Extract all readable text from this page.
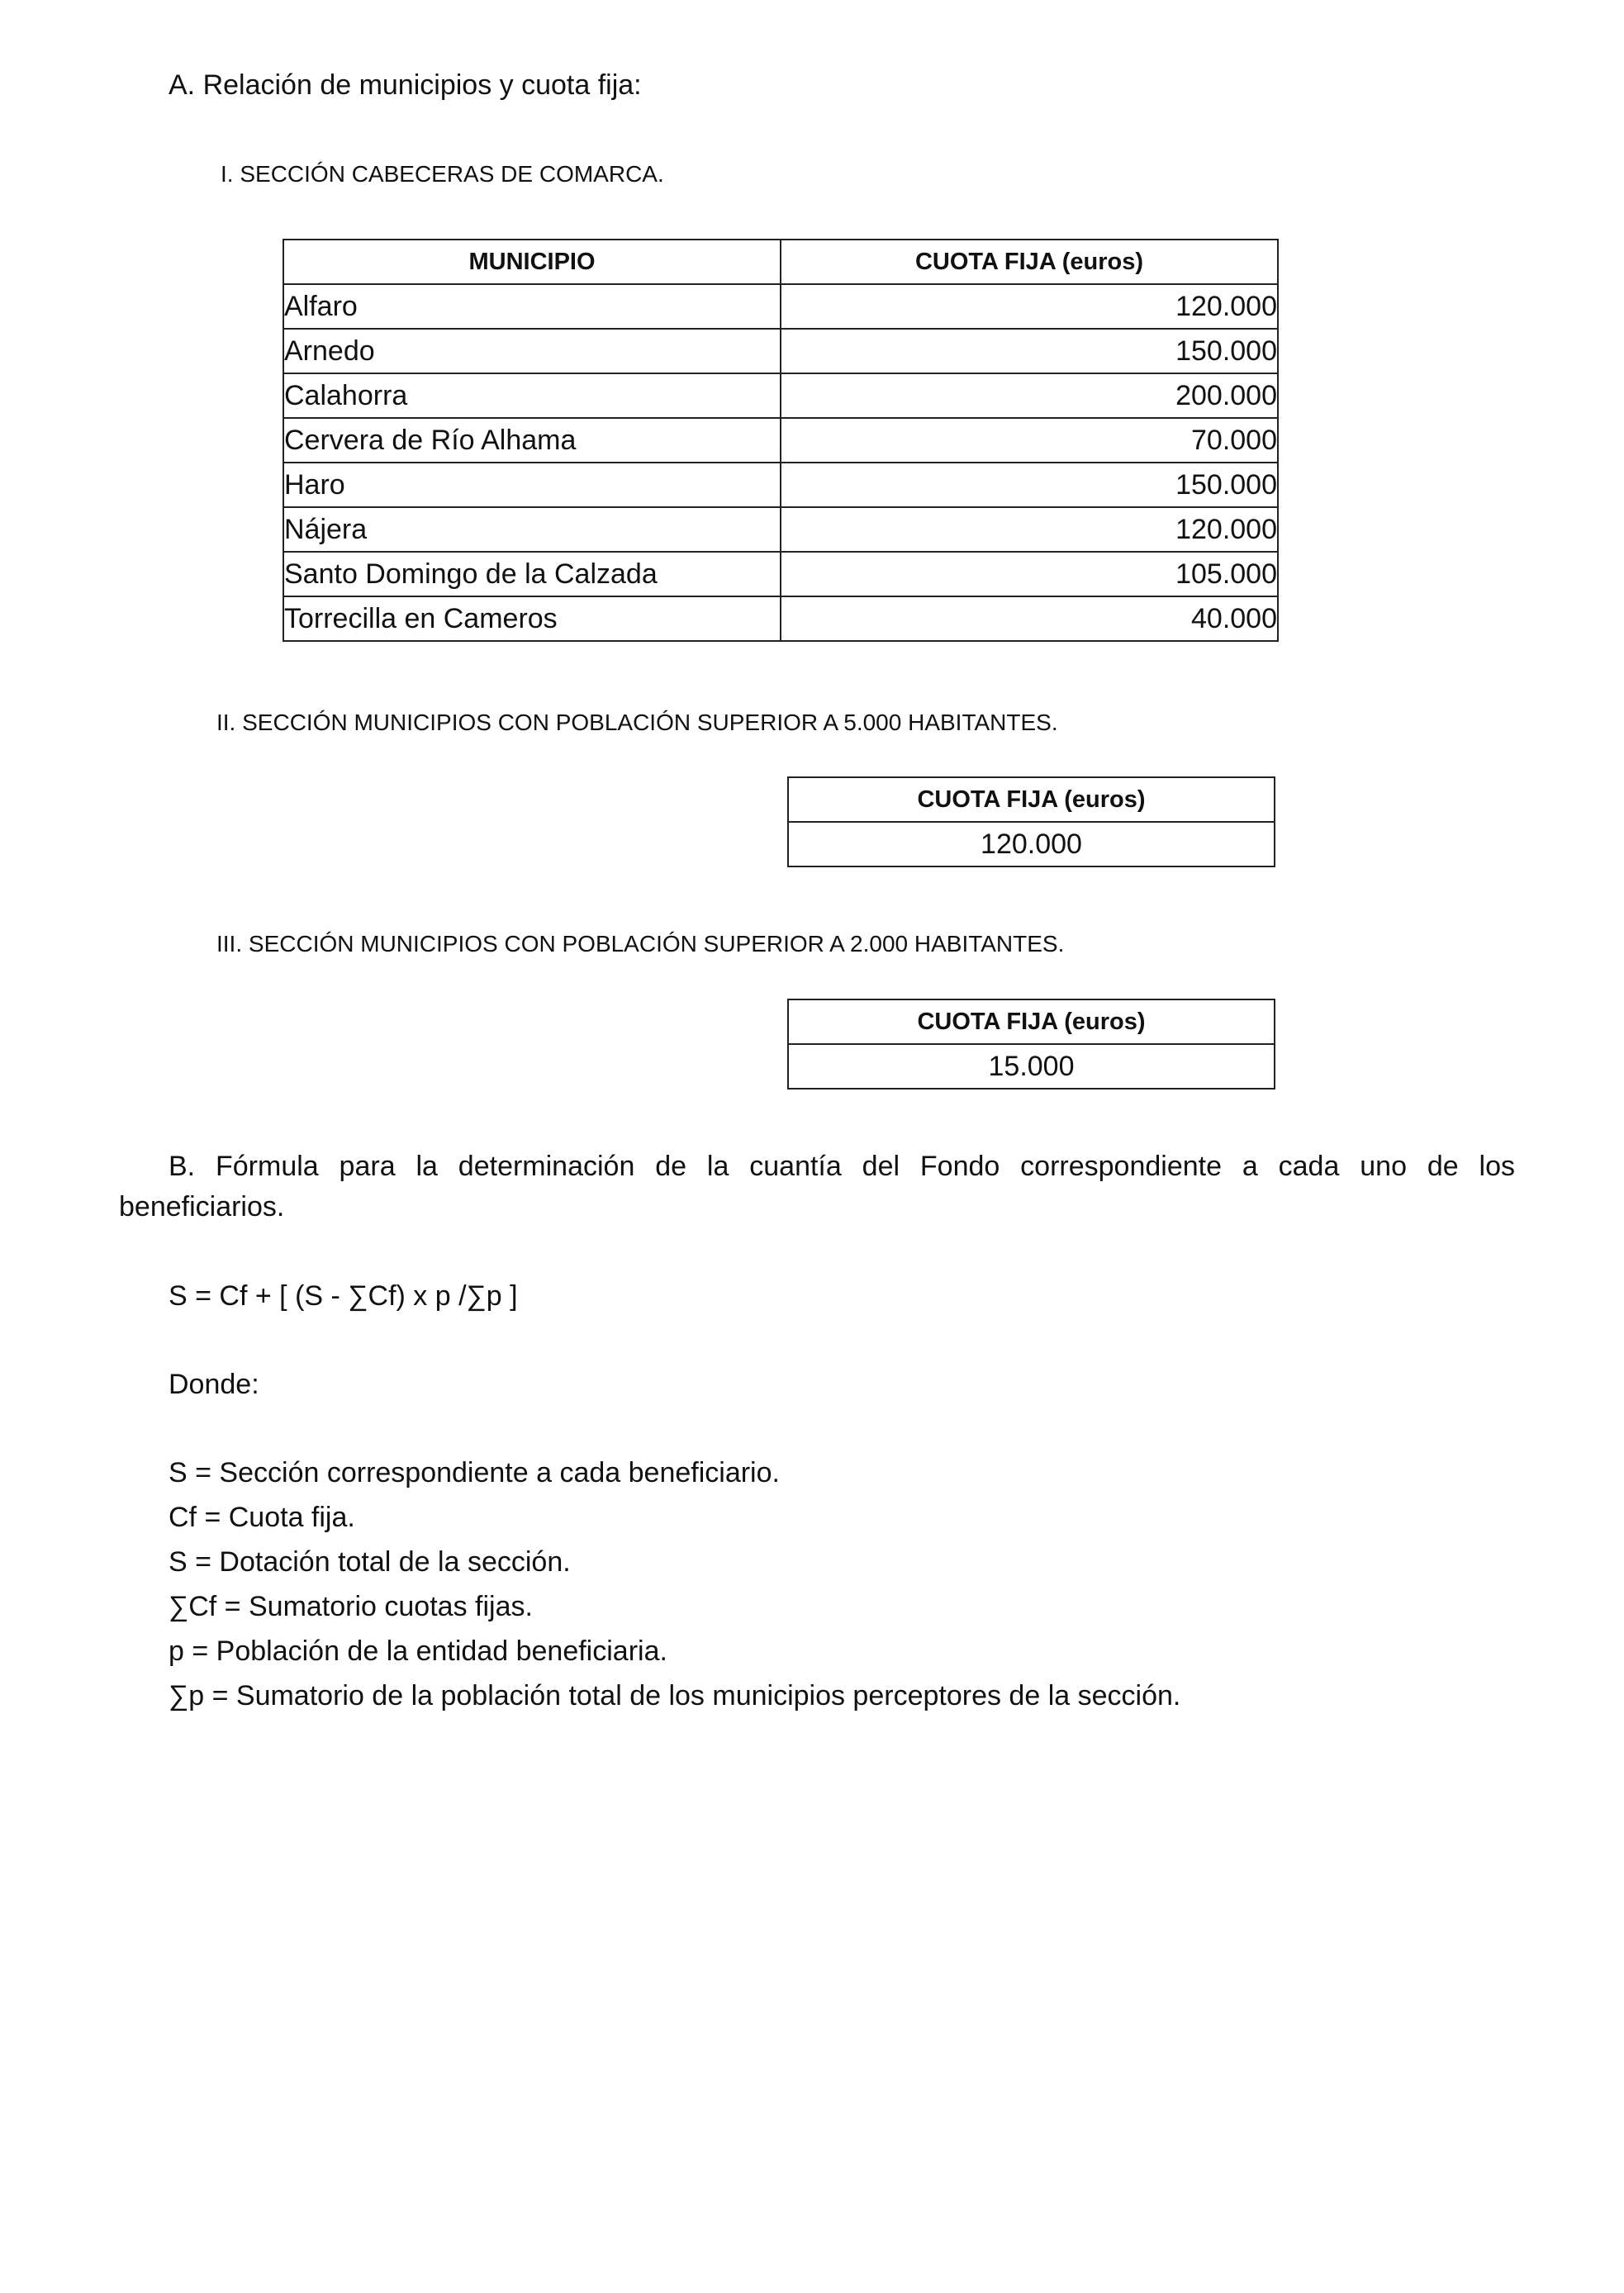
A. Relación de municipios y cuota fija:
I. SECCIÓN CABECERAS DE COMARCA.
MUNICIPIO	CUOTA FIJA (euros)
Alfaro	120.000
Arnedo	150.000
Calahorra	200.000
Cervera de Río Alhama	70.000
Haro	150.000
Nájera	120.000
Santo Domingo de la Calzada	105.000
Torrecilla en Cameros	40.000
II. SECCIÓN MUNICIPIOS CON POBLACIÓN SUPERIOR A 5.000 HABITANTES.
CUOTA FIJA (euros)
120.000
III. SECCIÓN MUNICIPIOS CON POBLACIÓN SUPERIOR A 2.000 HABITANTES.
CUOTA FIJA (euros)
15.000
B. Fórmula para la determinación de la cuantía del Fondo correspondiente a cada uno de los
beneficiarios.
S = Cf + [ (S - ∑Cf) x p /∑p ]
Donde:
S = Sección correspondiente a cada beneficiario.
Cf = Cuota fija.
S = Dotación total de la sección.
∑Cf = Sumatorio cuotas fijas.
p = Población de la entidad beneficiaria.
∑p = Sumatorio de la población total de los municipios perceptores de la sección.
